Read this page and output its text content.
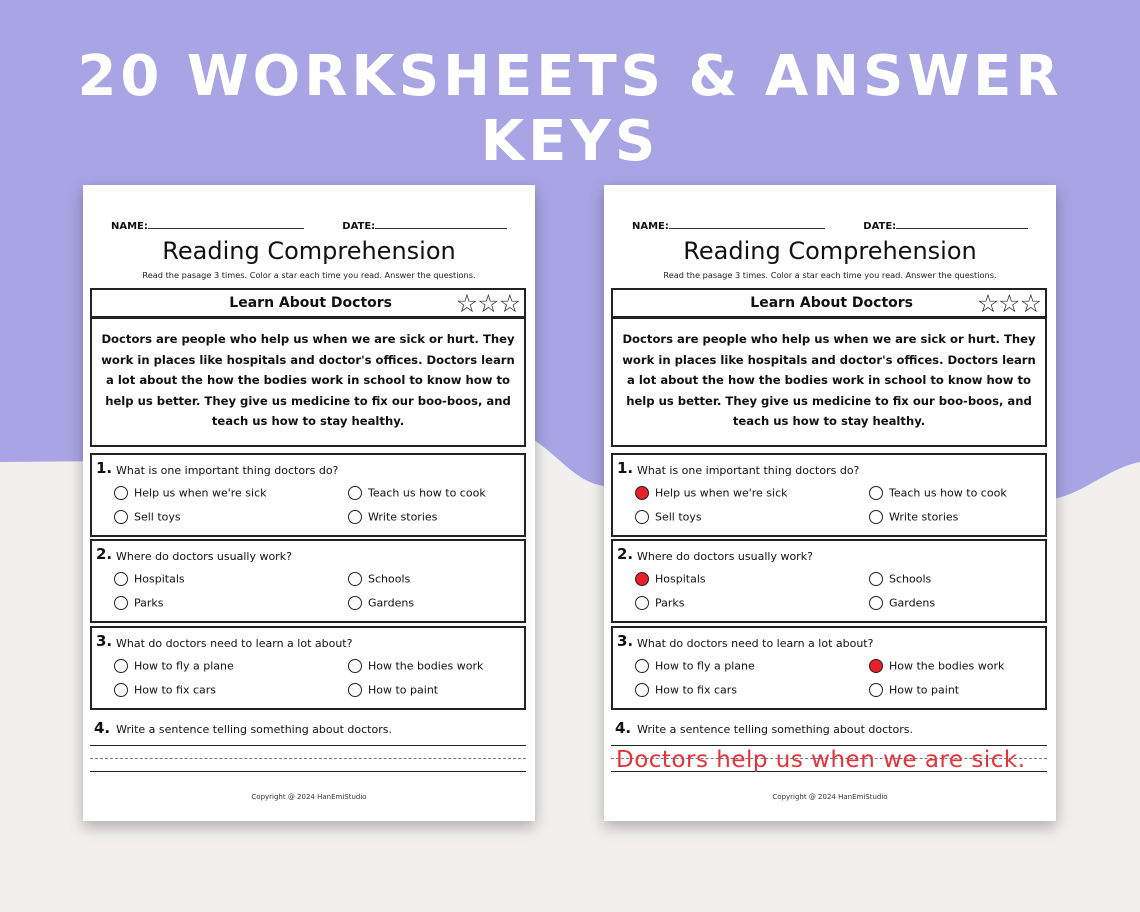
20 WORKSHEETS & ANSWER KEYS
NAME:	DATE:
Reading Comprehension
Read the pasage 3 times. Color a star each time you read. Answer the questions.
Learn About Doctors	☆☆☆

Doctors are people who help us when we are sick or hurt. They work in places like hospitals and doctor's offices. Doctors learn a lot about the how the bodies work in school to know how to help us better. They give us medicine to fix our boo-boos, and teach us how to stay healthy.

1. What is one important thing doctors do?
Help us when we're sick	Teach us how to cook
Sell toys	Write stories
2. Where do doctors usually work?
Hospitals	Schools
Parks	Gardens
3. What do doctors need to learn a lot about?
How to fly a plane	How the bodies work
How to fix cars	How to paint
4. Write a sentence telling something about doctors.
Copyright @ 2024 HanEmiStudio
NAME:	DATE:
Reading Comprehension
Read the pasage 3 times. Color a star each time you read. Answer the questions.
Learn About Doctors	☆☆☆

Doctors are people who help us when we are sick or hurt. They work in places like hospitals and doctor's offices. Doctors learn a lot about the how the bodies work in school to know how to help us better. They give us medicine to fix our boo-boos, and teach us how to stay healthy.

1. What is one important thing doctors do?
Help us when we're sick	Teach us how to cook
Sell toys	Write stories
2. Where do doctors usually work?
Hospitals	Schools
Parks	Gardens
3. What do doctors need to learn a lot about?
How to fly a plane	How the bodies work
How to fix cars	How to paint
4. Write a sentence telling something about doctors.
Doctors help us when we are sick.
Copyright @ 2024 HanEmiStudio
